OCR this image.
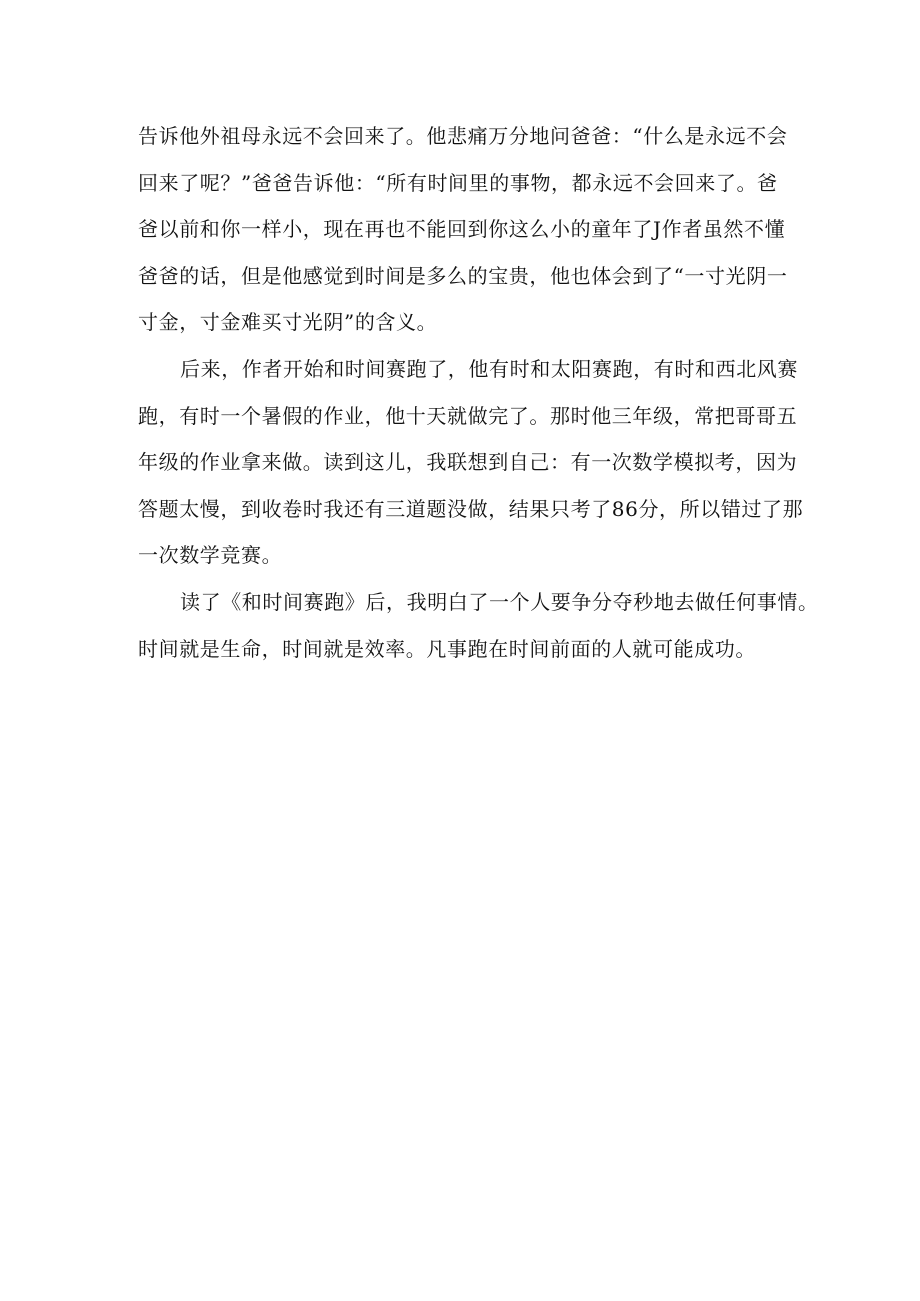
告诉他外祖母永远不会回来了。他悲痛万分地问爸爸：“什么是永远不会
回来了呢？”爸爸告诉他：“所有时间里的事物，都永远不会回来了。爸
爸以前和你一样小，现在再也不能回到你这么小的童年了J作者虽然不懂
爸爸的话，但是他感觉到时间是多么的宝贵，他也体会到了“一寸光阴一
寸金，寸金难买寸光阴”的含义。

后来，作者开始和时间赛跑了，他有时和太阳赛跑，有时和西北风赛
跑，有时一个暑假的作业，他十天就做完了。那时他三年级，常把哥哥五
年级的作业拿来做。读到这儿，我联想到自己：有一次数学模拟考，因为
答题太慢，到收卷时我还有三道题没做，结果只考了86分，所以错过了那
一次数学竞赛。

读了《和时间赛跑》后，我明白了一个人要争分夺秒地去做任何事情。
时间就是生命，时间就是效率。凡事跑在时间前面的人就可能成功。
